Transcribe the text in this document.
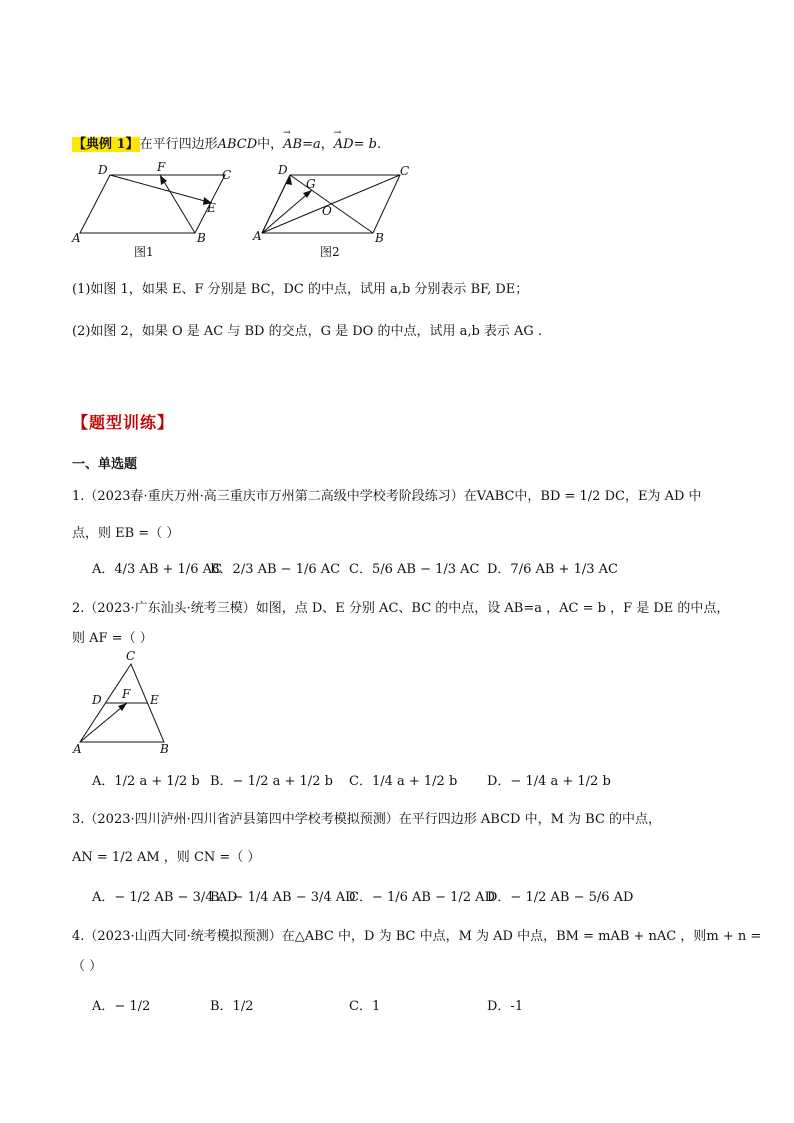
【典例 1】在平行四边形ABCD中，→ AB=a，→ AD= b.
A	B
C
D
E
F
图1
A	B
C
D
G
O
图2
(1)如图 1，如果 E、F 分别是 BC，DC 的中点，试用 a,b 分别表示 BF, DE；
(2)如图 2，如果 O 是 AC 与 BD 的交点，G 是 DO 的中点，试用 a,b 表示 AG .
【题型训练】
一、单选题
1.（2023春·重庆万州·高三重庆市万州第二高级中学校考阶段练习）在VABC中，BD = 1/2 DC，E为 AD 中
点，则 EB =（ ）
A．4/3 AB + 1/6 AC
B．2/3 AB − 1/6 AC C．5/6 AB − 1/3 AC D．7/6 AB + 1/3 AC
2.（2023·广东汕头·统考三模）如图，点 D、E 分别 AC、BC 的中点，设 AB=a ，AC = b ，F 是 DE 的中点，
则 AF =（ ）
A	B
C
D	E
F
A．1/2 a + 1/2 b B．− 1/2 a + 1/2 b C．1/4 a + 1/2 b D．− 1/4 a + 1/2 b
3.（2023·四川泸州·四川省泸县第四中学校考模拟预测）在平行四边形 ABCD 中，M 为 BC 的中点，
AN = 1/2 AM ，则 CN =（ ）
A．− 1/2 AB − 3/4 AD
B．− 1/4 AB − 3/4 AD
C．− 1/6 AB − 1/2 AD
D．− 1/2 AB − 5/6 AD
4.（2023·山西大同·统考模拟预测）在△ABC 中，D 为 BC 中点，M 为 AD 中点，BM = mAB + nAC ，则m + n =
（ ）
A．− 1/2	B．1/2	C．1	D．-1
